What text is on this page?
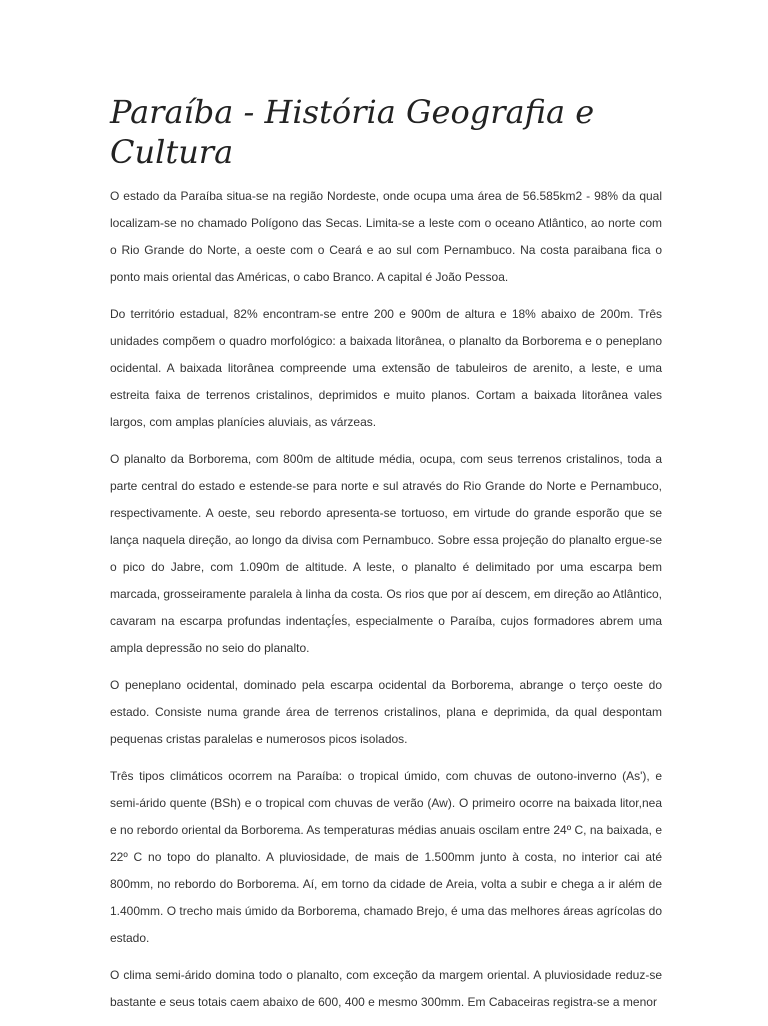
Paraíba - História Geografia e Cultura

O estado da Paraíba situa-se na região Nordeste, onde ocupa uma área de 56.585km2 - 98% da qual localizam-se no chamado Polígono das Secas. Limita-se a leste com o oceano Atlântico, ao norte com o Rio Grande do Norte, a oeste com o Ceará e ao sul com Pernambuco. Na costa paraibana fica o ponto mais oriental das Américas, o cabo Branco. A capital é João Pessoa.

Do território estadual, 82% encontram-se entre 200 e 900m de altura e 18% abaixo de 200m. Três unidades compõem o quadro morfológico: a baixada litorânea, o planalto da Borborema e o peneplano ocidental. A baixada litorânea compreende uma extensão de tabuleiros de arenito, a leste, e uma estreita faixa de terrenos cristalinos, deprimidos e muito planos. Cortam a baixada litorânea vales largos, com amplas planícies aluviais, as várzeas.

O planalto da Borborema, com 800m de altitude média, ocupa, com seus terrenos cristalinos, toda a parte central do estado e estende-se para norte e sul através do Rio Grande do Norte e Pernambuco, respectivamente. A oeste, seu rebordo apresenta-se tortuoso, em virtude do grande esporão que se lança naquela direção, ao longo da divisa com Pernambuco. Sobre essa projeção do planalto ergue-se o pico do Jabre, com 1.090m de altitude. A leste, o planalto é delimitado por uma escarpa bem marcada, grosseiramente paralela à linha da costa. Os rios que por aí descem, em direção ao Atlântico, cavaram na escarpa profundas indentaçÍes, especialmente o Paraíba, cujos formadores abrem uma ampla depressão no seio do planalto.

O peneplano ocidental, dominado pela escarpa ocidental da Borborema, abrange o terço oeste do estado. Consiste numa grande área de terrenos cristalinos, plana e deprimida, da qual despontam pequenas cristas paralelas e numerosos picos isolados.

Três tipos climáticos ocorrem na Paraíba: o tropical úmido, com chuvas de outono-inverno (As'), e semi-árido quente (BSh) e o tropical com chuvas de verão (Aw). O primeiro ocorre na baixada litor,nea e no rebordo oriental da Borborema. As temperaturas médias anuais oscilam entre 24º C, na baixada, e 22º C no topo do planalto. A pluviosidade, de mais de 1.500mm junto à costa, no interior cai até 800mm, no rebordo do Borborema. Aí, em torno da cidade de Areia, volta a subir e chega a ir além de 1.400mm. O trecho mais úmido da Borborema, chamado Brejo, é uma das melhores áreas agrícolas do estado.

O clima semi-árido domina todo o planalto, com exceção da margem oriental. A pluviosidade reduz-se bastante e seus totais caem abaixo de 600, 400 e mesmo 300mm. Em Cabaceiras registra-se a menor
